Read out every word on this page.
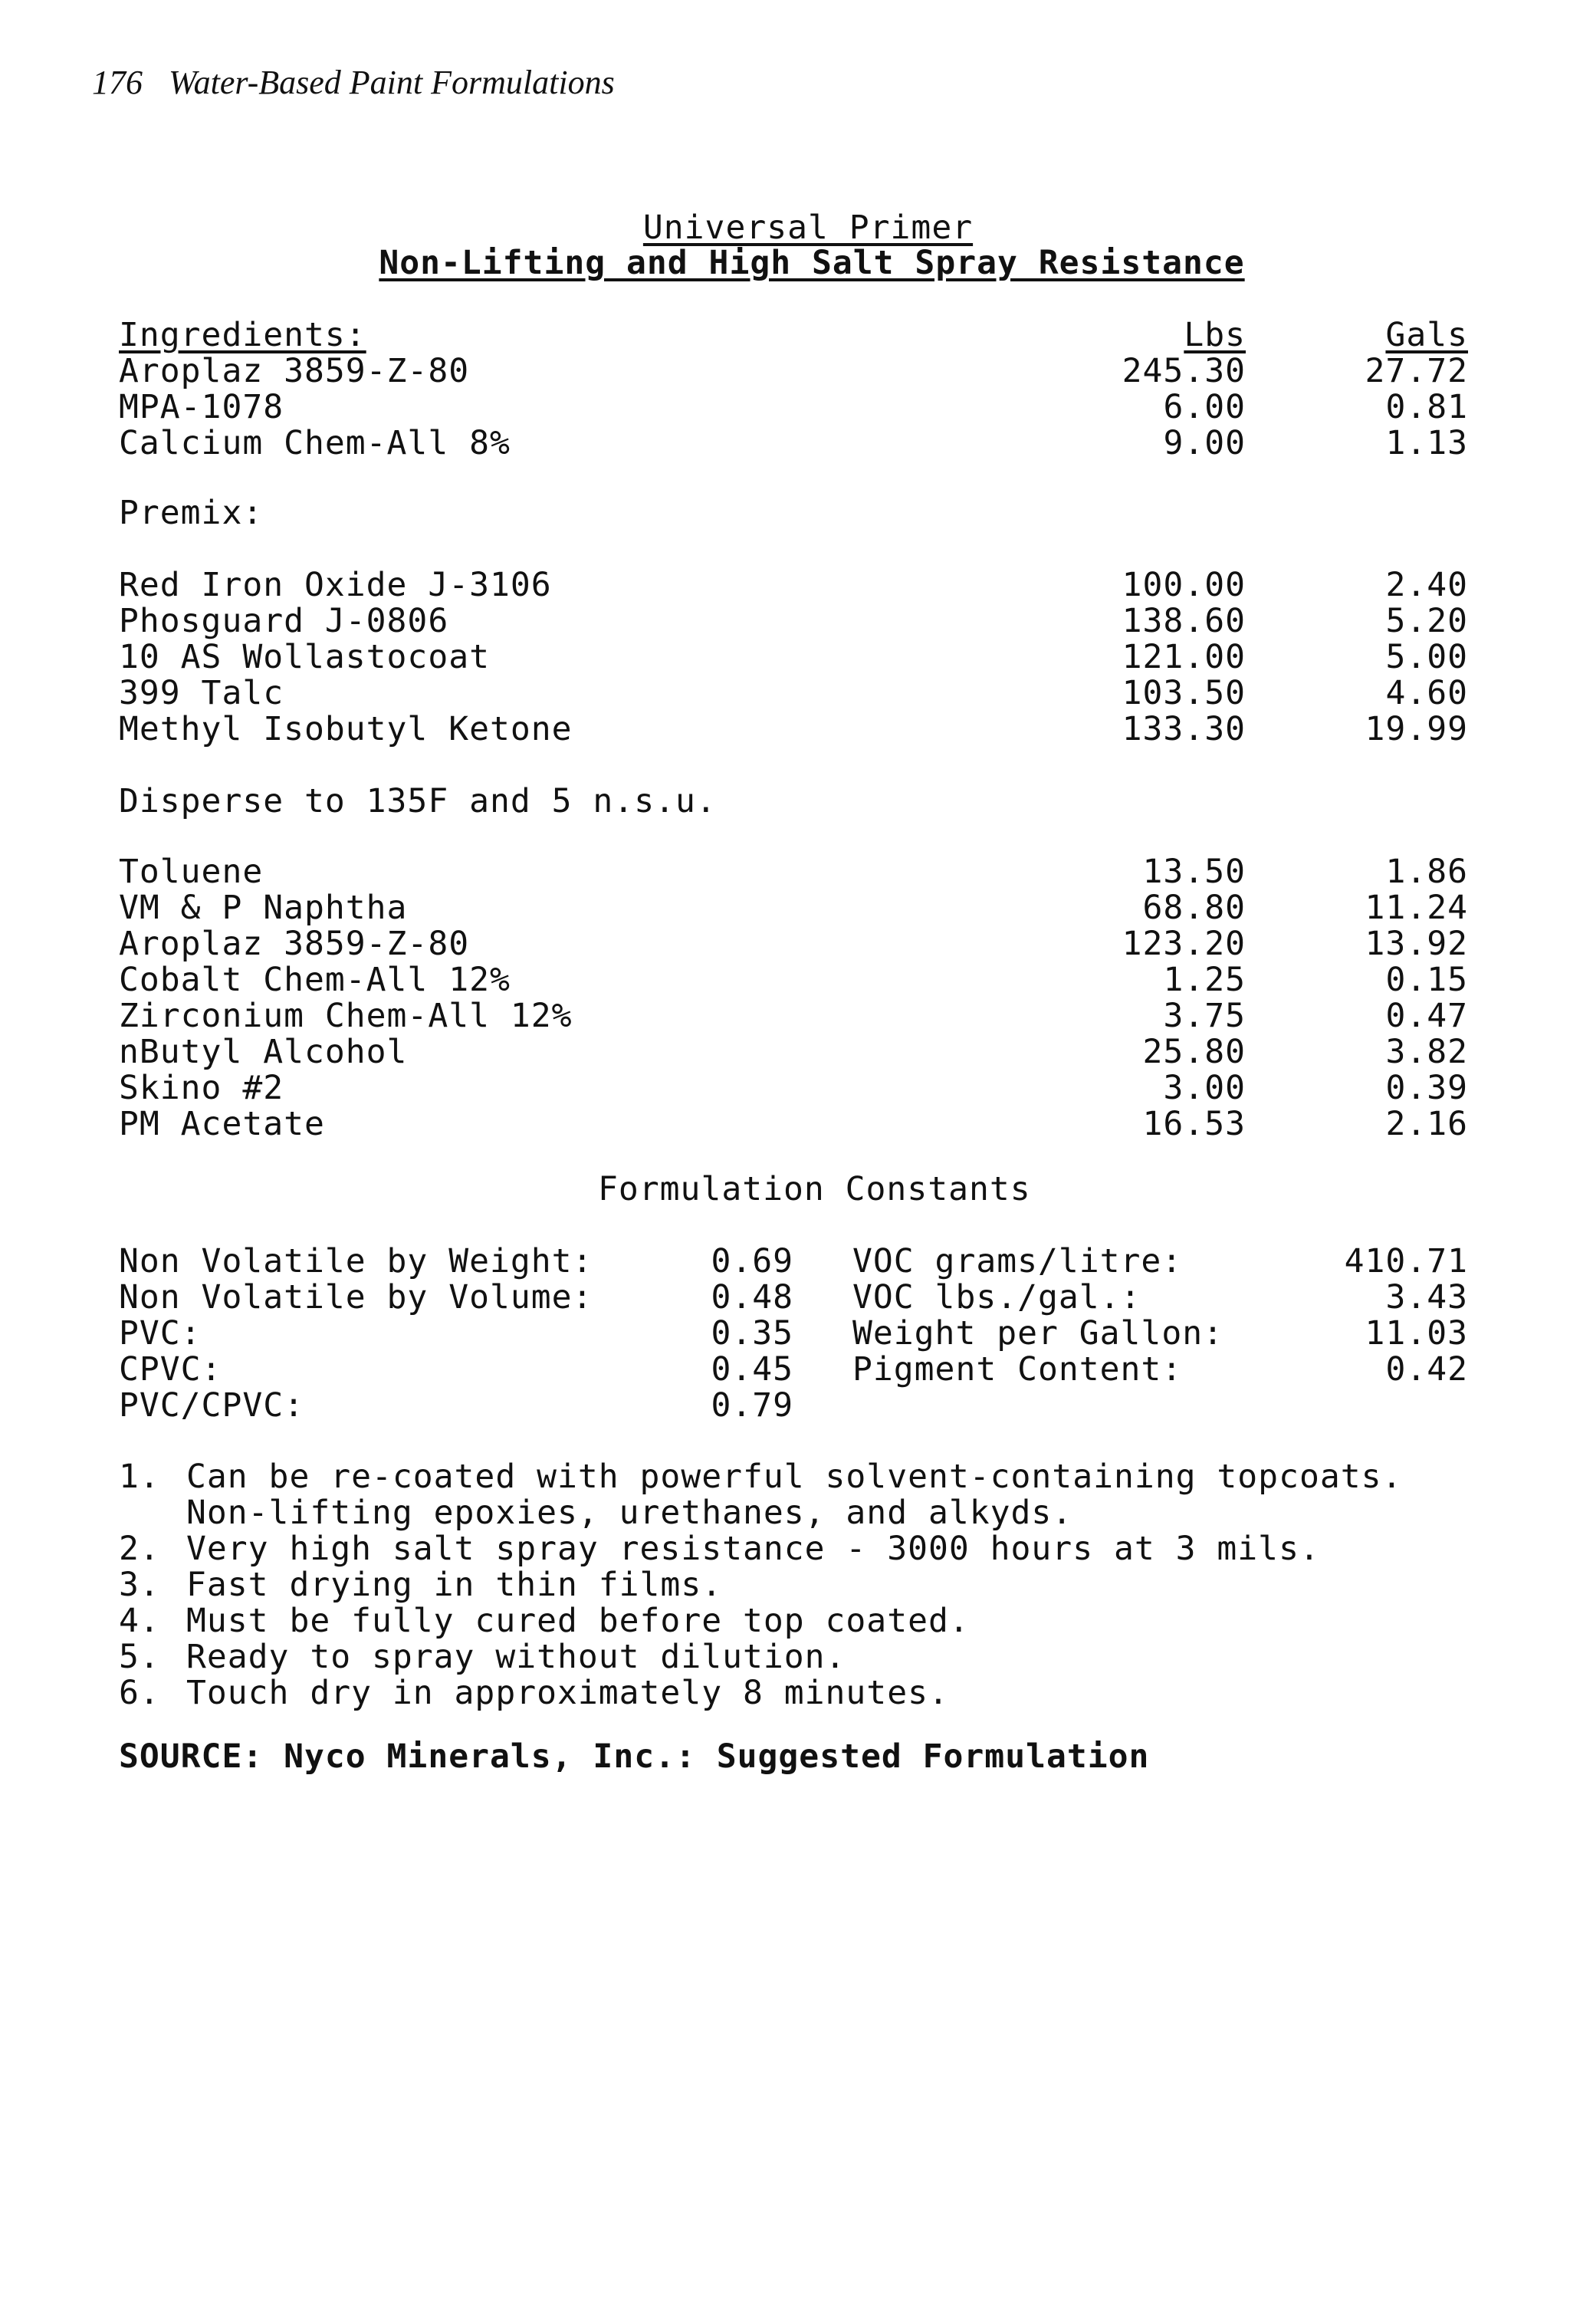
176 Water-Based Paint Formulations
Universal Primer
Non-Lifting and High Salt Spray Resistance
Ingredients:	Lbs	Gals
Aroplaz 3859-Z-80	245.30	27.72
MPA-1078	6.00	0.81
Calcium Chem-All 8%	9.00	1.13
Premix:
Red Iron Oxide J-3106	100.00	2.40
Phosguard J-0806	138.60	5.20
10 AS Wollastocoat	121.00	5.00
399 Talc	103.50	4.60
Methyl Isobutyl Ketone	133.30	19.99
Disperse to 135F and 5 n.s.u.
Toluene	13.50	1.86
VM & P Naphtha	68.80	11.24
Aroplaz 3859-Z-80	123.20	13.92
Cobalt Chem-All 12%	1.25	0.15
Zirconium Chem-All 12%	3.75	0.47
nButyl Alcohol	25.80	3.82
Skino #2	3.00	0.39
PM Acetate	16.53	2.16
Formulation Constants
Non Volatile by Weight:	0.69
Non Volatile by Volume:	0.48
PVC:	0.35
CPVC:	0.45
PVC/CPVC:	0.79
VOC grams/litre:	410.71
VOC lbs./gal.:	3.43
Weight per Gallon:	11.03
Pigment Content:	0.42
1. Can be re-coated with powerful solvent-containing topcoats.
Non-lifting epoxies, urethanes, and alkyds.
2. Very high salt spray resistance - 3000 hours at 3 mils.
3. Fast drying in thin films.
4. Must be fully cured before top coated.
5. Ready to spray without dilution.
6. Touch dry in approximately 8 minutes.
SOURCE: Nyco Minerals, Inc.: Suggested Formulation
